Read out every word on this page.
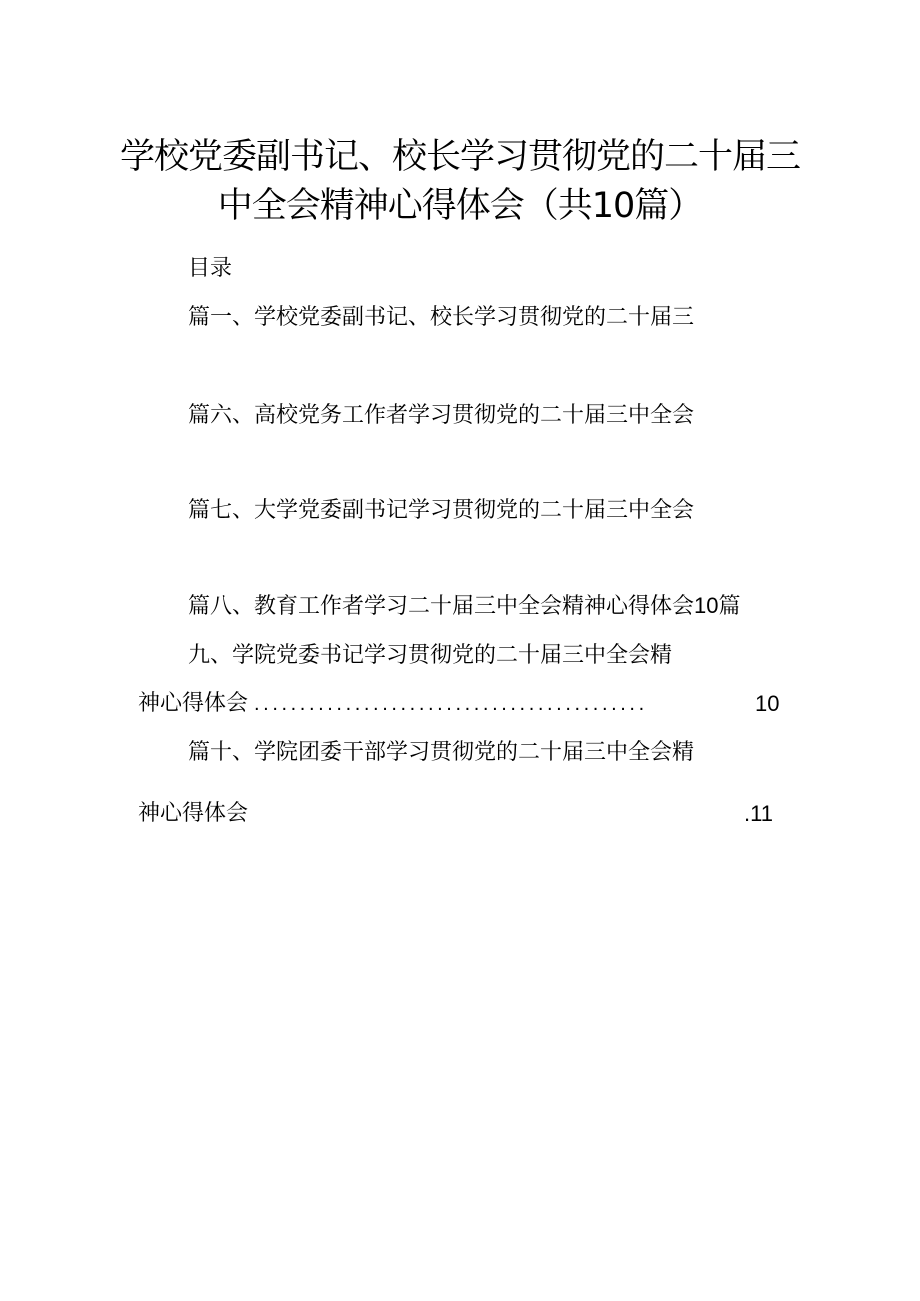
学校党委副书记、校长学习贯彻党的二十届三
中全会精神心得体会（共10篇）
目录
篇一、学校党委副书记、校长学习贯彻党的二十届三
篇六、高校党务工作者学习贯彻党的二十届三中全会
篇七、大学党委副书记学习贯彻党的二十届三中全会
篇八、教育工作者学习二十届三中全会精神心得体会10篇
九、学院党委书记学习贯彻党的二十届三中全会精
神心得体会 ...........................................	10
篇十、学院团委干部学习贯彻党的二十届三中全会精
神心得体会	.11
